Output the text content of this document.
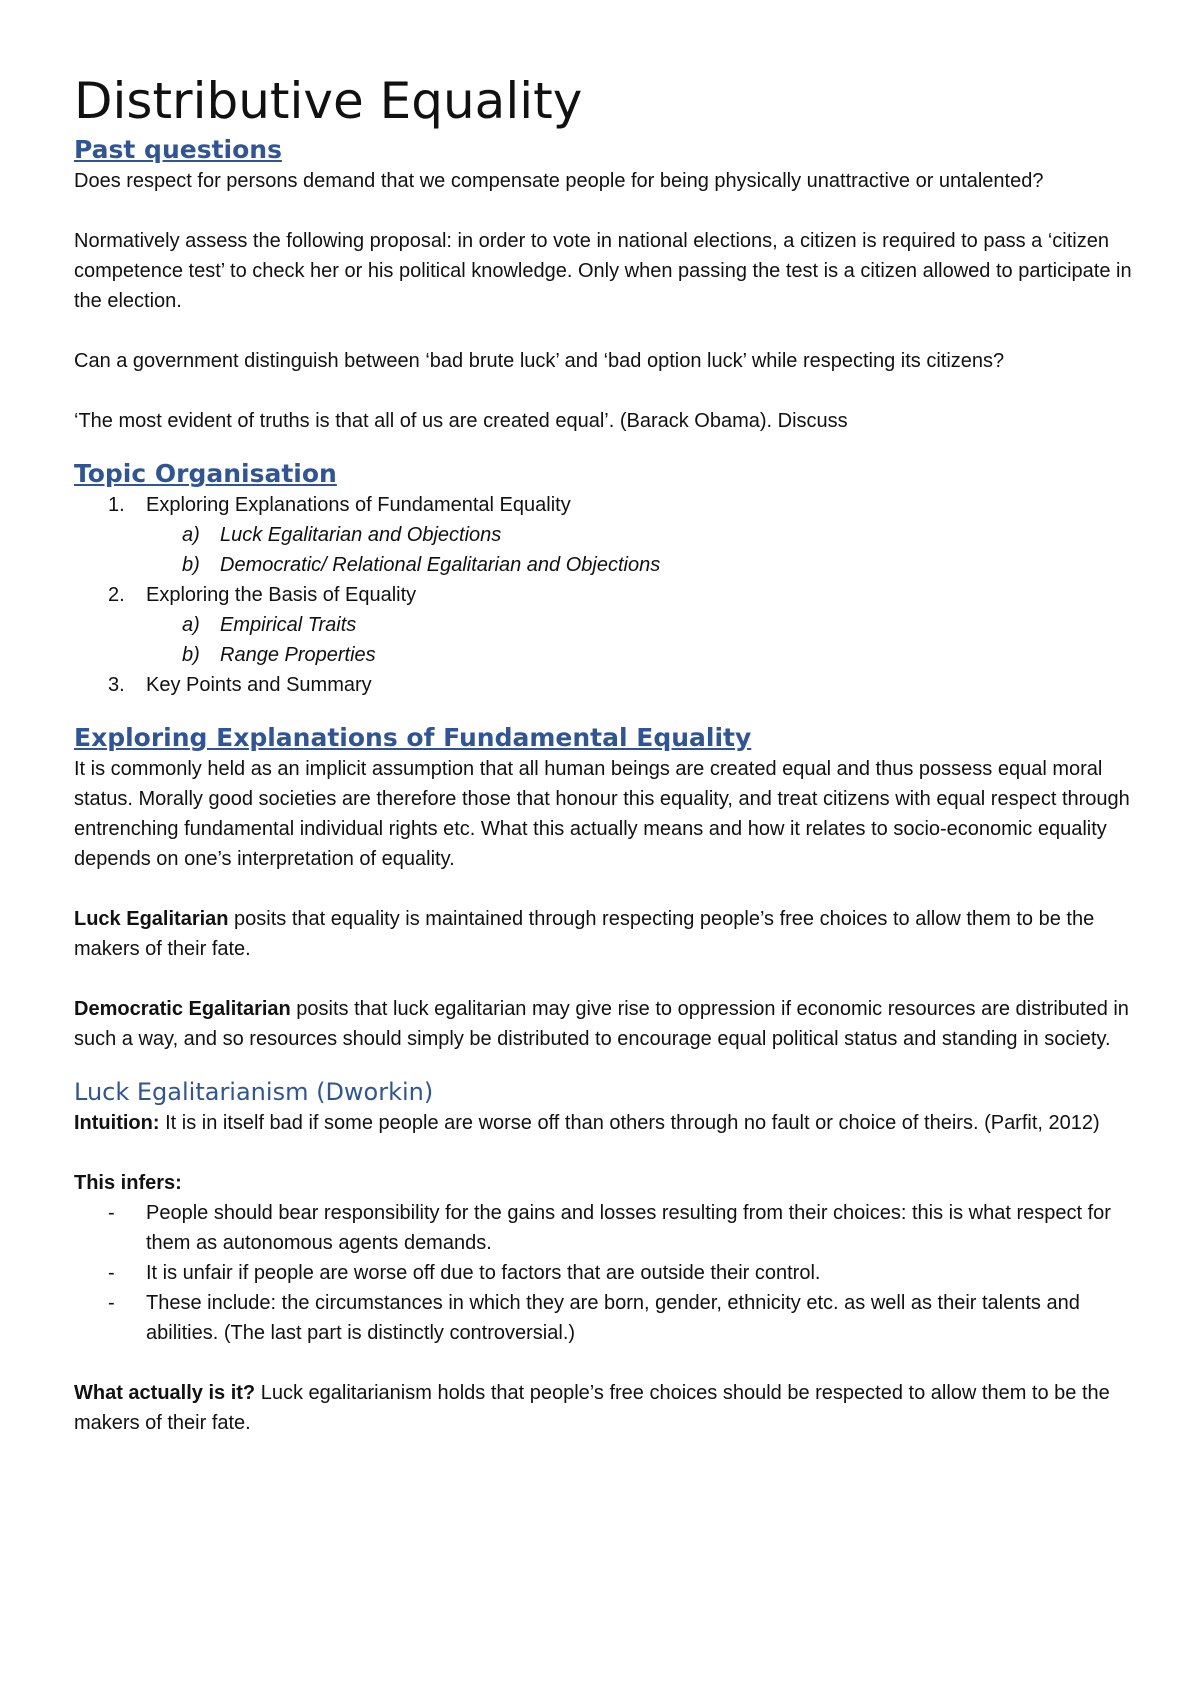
Distributive Equality
Past questions

Does respect for persons demand that we compensate people for being physically unattractive or untalented?

Normatively assess the following proposal: in order to vote in national elections, a citizen is required to pass a ‘citizen competence test’ to check her or his political knowledge. Only when passing the test is a citizen allowed to participate in the election.

Can a government distinguish between ‘bad brute luck’ and ‘bad option luck’ while respecting its citizens?

‘The most evident of truths is that all of us are created equal’. (Barack Obama). Discuss

Topic Organisation
1.	Exploring Explanations of Fundamental Equality
a)	Luck Egalitarian and Objections
b)	Democratic/ Relational Egalitarian and Objections
2.	Exploring the Basis of Equality
a)	Empirical Traits
b)	Range Properties
3.	Key Points and Summary
Exploring Explanations of Fundamental Equality

It is commonly held as an implicit assumption that all human beings are created equal and thus possess equal moral status. Morally good societies are therefore those that honour this equality, and treat citizens with equal respect through entrenching fundamental individual rights etc. What this actually means and how it relates to socio-economic equality depends on one’s interpretation of equality.

Luck Egalitarian posits that equality is maintained through respecting people’s free choices to allow them to be the makers of their fate.

Democratic Egalitarian posits that luck egalitarian may give rise to oppression if economic resources are distributed in such a way, and so resources should simply be distributed to encourage equal political status and standing in society.

Luck Egalitarianism (Dworkin)

Intuition: It is in itself bad if some people are worse off than others through no fault or choice of theirs. (Parfit, 2012)

This infers:

-	People should bear responsibility for the gains and losses resulting from their choices: this is what respect for them as autonomous agents demands.
-	It is unfair if people are worse off due to factors that are outside their control.
-	These include: the circumstances in which they are born, gender, ethnicity etc. as well as their talents and abilities. (The last part is distinctly controversial.)

What actually is it? Luck egalitarianism holds that people’s free choices should be respected to allow them to be the makers of their fate.
